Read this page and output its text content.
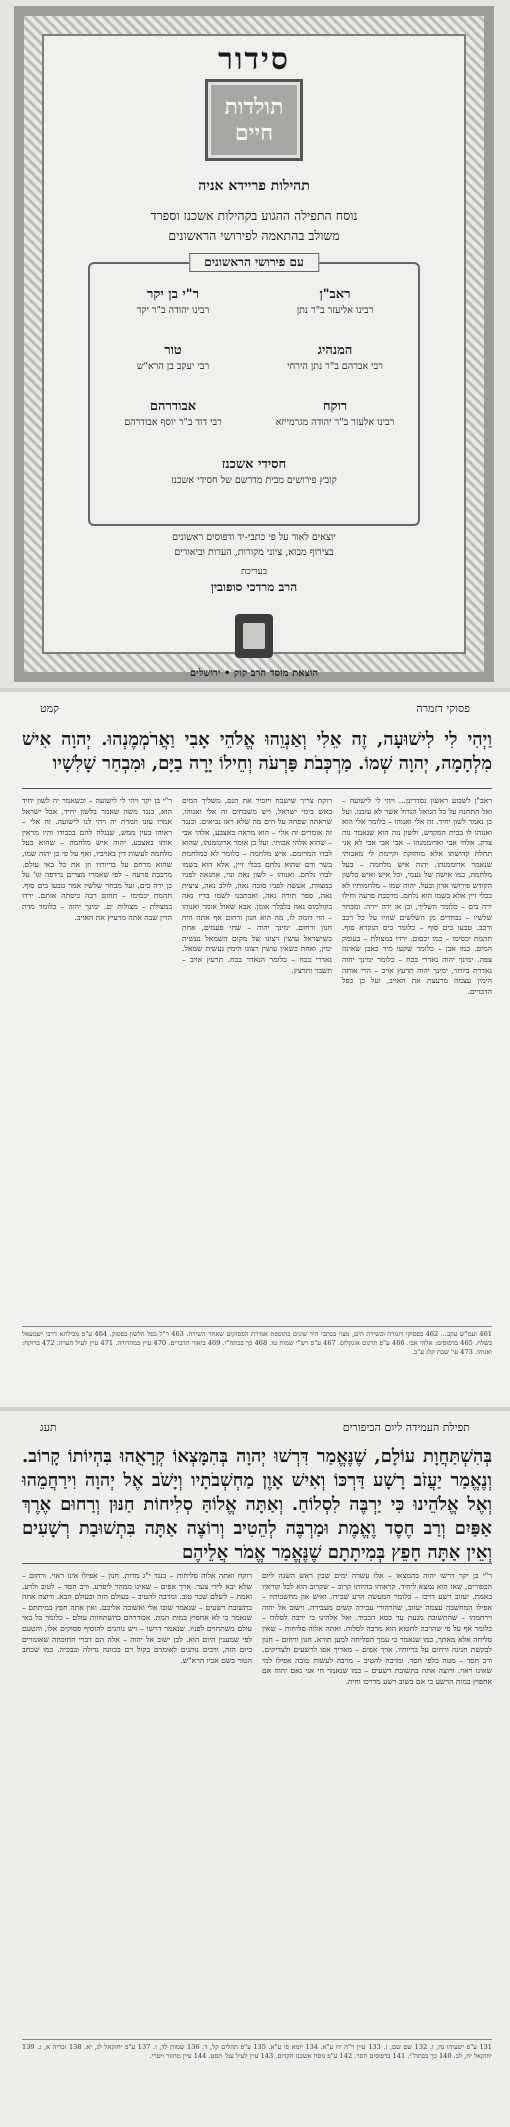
סידור
תולדות
חיים
תהילות פריידא אניה
נוסח התפילה ההגוע בקהילות אשכנז וספרד
משולב בהתאמה לפירושי הראשונים
עם פירושי הראשונים
ראב"ן
רבינו אליעזר ב"ר נתן
ר"י בן יקר
רבינו יהודה ב"ר יקר
המנהיג
רבי אברהם ב"ר נתן הירחי
טור
רבי יעקב בן הרא"ש
רוקח
רבינו אלעזר ב"ר יהודה מגרמייזא
אבודרהם
רבי דוד ב"ר יוסף אבודרהם
חסידי אשכנז
קובץ פירושים מבית מדרשם של חסידי אשכנז
יוצאים לאור על פי כתבי-יד ודפוסים ראשונים
בצירוף מבוא, ציוני מקורות, הערות וביאורים
בעריכת
הרב מרדכי סופובין
הוצאת מוסד הרב קוק • ירושלים
פסוקי דזמרה
קמט
וַיְהִי לִי לִישׁוּעָה, זֶה אֵלִי וְאַנְוֵהוּ אֱלֹהֵי אָבִי וַאֲרֹמְמֶנְהוּ. יְהוָה אִישׁ מִלְחָמָה, יְהוָה שְׁמוֹ. מַרְכְּבֹת פַּרְעֹה וְחֵילוֹ יָרָה בַיָּם, וּמִבְחַר שָׁלִשָׁיו
ראב"ן לשבוע ראשון נסדרינן... ויהי לי לישועה – ואל התחנה על כל הגואל הגדול אשר לא עזבנו, ועל כן נאמר לשון יחיד. זה אלי ואנוהו – כלומר אלי הוא ואנוהו לו בבית המקדש, ולשון נוה הוא שנאמר נוה צדק. אלהי אבי וארוממנהו – אבי אבי אבי לא אני תחלת קדושתו אלא מוחזקת וקיימת לי מאבותי שנאמר ארוממנהו. יהוה איש מלחמה – בעל מלחמה, כמו אישה של נעמי, וכל איש ואיש בלשון הקודש פירושו אדון ובעל. יהוה שמו – מלחמותיו לא בכלי זיין אלא בשמו הוא נלחם. מרכבת פרעה וחילו ירה בים – כלומר השליך, וכן או ירה יירה. ומבחר שלשיו – נבחרים מן השלשים שהיו על כל רכב ורכב. טבעו בים סוף – כלומר בים הנקרא סוף. תהמת יכסימו – כמו יכסום. ירדו במצולת – בעומק המים. כמו אבן – כלומר שקעו מיד כאבן שאינה צפה. ימינך יהוה נאדרי בכח – כלומר ימינך יהוה נאדרת ביותר, ימינך יהוה תרעץ אויב – הרי אותה הימין עצמה מרעצת את האויב, ועל כן כפל הדברים.
רוקח צריך שישבח ויזכיר את הנס, משליך המים באש בימי ישראל, ויש משבחים זה אלי ואנוהו, שראתה שפחה על הים מה שלא ראו נביאים. וכנגד זה אומרים זה אלי – הוא מראה באצבע, אלהי אבי – שהוא אלהי אבותי. ועל כן אומר ארוממנהו, שהוא לבדו המרומם. איש מלחמה – כלומר לא כמלחמת בשר ודם שהוא נלחם בכלי זיין, אלא הוא בשמו לבדו נלחם. ואנוהו – לשון נאה ונוי, אתנאה לפניו במצוות, אעשה לפניו סוכה נאה, לולב נאה, ציצית נאה, ספר תורה נאה, ואכתבנו לשמו בדיו נאה בקולמוס נאה בלבלר אומן. אבא שאול אומר ואנוהו – הוי דומה לו, מה הוא חנון ורחום אף אתה היה חנון ורחום. ימינך יהוה – שתי פעמים, אחת כשישראל עושין רצונו של מקום השמאל נעשית ימין, ואחת כשאין עושין רצונו הימין נעשית שמאל. נאדרי בכח – כלומר הנאדר בכח. תרעץ אויב – תשבר ותרצץ.
ר"י בן יקר ויהי לי לישועה – וכשאמר יה לשון יחיד הוא, כנגד משה שאמר בלשון יחיד, אבל ישראל אמרו עזנו וזמרת יה ויהי לנו לישועה. זה אלי – ראוהו בעין ממש, שנגלה להם בכבודו והיו מראין אותו באצבע. יהוה איש מלחמה – שהוא בעל מלחמה לעשות דין באויביו, ואף על פי כן יהוה שמו, שהוא מרחם על בריותיו וזן את כל באי עולם. מרכבת פרעה – לפי שאמרו מצרים נרדפה וגו' על כן ירה בים, ועל מבחר שלשיו אמר טבעו בים סוף. תהמת יכסימו – תהום רבה כיסתה אותם. ירדו במצולת – מצולות ים. ימינך יהוה – כלומר מדת הדין שבה אתה מרעיץ את האויב.
461 ועמ"ש עקב... 462 בפסוקי דזמרה ובשירת הים, מצוי בכתבי היד שונים בתוספת אמירת הפסוקים שאחר השירה. 463 ר"ל כפל הלשון בפסוק. 464 ע"פ מכילתא דרבי ישמעאל בשלח. 465 בדפוסים: אלהי אבי. 466 ע"פ תרגום אונקלוס. 467 ע"פ רש"י שמות טו. 468 כך בכתה"י. 469 ביאור הדברים. 470 עיין במהדורה. 471 עיין לעיל הערה. 472 ברוקח: ואנוהו. 473 עי' שבת קלג ע"ב.
תפילת העמידה ליום הכיפורים
תעג
בְּהִשְׁתַּחֲוָת עוֹלָם, שֶׁנֶּאֱמַר דִּרְשׁוּ יְהוָה בְּהִמָּצְאוֹ קְרָאֻהוּ בִּהְיוֹתוֹ קָרוֹב. וְנֶאֱמַר יַעֲזֹב רָשָׁע דַּרְכּוֹ וְאִישׁ אָוֶן מַחְשְׁבֹתָיו וְיָשֹׁב אֶל יְהוָה וִירַחֲמֵהוּ וְאֶל אֱלֹהֵינוּ כִּי יַרְבֶּה לִסְלוֹחַ. וְאַתָּה אֱלוֹהַּ סְלִיחוֹת חַנּוּן וְרַחוּם אֶרֶךְ אַפַּיִם וְרַב חֶסֶד וֶאֱמֶת וּמַרְבֶּה לְהֵטִיב וְרוֹצֶה אַתָּה בִּתְשׁוּבַת רְשָׁעִים וְאֵין אַתָּה חָפֵץ בְּמִיתָתָם שֶׁנֶּאֱמַר אֱמֹר אֲלֵיהֶם
ר"י בן יקר דרשו יהוה בהמצאו – אלו עשרה ימים שבין ראש השנה ליום הכפורים, שאז הוא נמצא ליחיד. קראוהו בהיותו קרוב – שקרוב הוא לכל קוראיו באמת. יעזוב רשע דרכו – כלומר המעשה הרע שבידו. ואיש און מחשבותיו – אפילו המחשבה עצמה יעזוב, שהרהורי עבירה קשים מעבירה. וישוב אל יהוה וירחמהו – שהתשובה מגעת עד כסא הכבוד. ואל אלהינו כי ירבה לסלוח – כלומר אף על פי שהרבה לחטוא הוא מרבה לסלוח. ואתה אלוה סליחות – שאין סליחה אלא מאתך, כמו שנאמר כי עמך הסליחה למען תורא. חנון ורחום – חנון לבקשת חנינה ורחום על בריותיו. ארך אפים – מאריך אפו לרשעים ולצדיקים. ורב חסד – מטה כלפי חסד. ומרבה להטיב – מרבה לעשות טובה אפילו למי שאינו ראוי. ורוצה אתה בתשובת רשעים – כמו שנאמר חי אני נאם יהוה אם אחפוץ במות הרשע כי אם בשוב רשע מדרכו וחיה.
רוקח ואתה אלוה סליחות – כנגד י"ג מדות. חנון – אפילו אינו ראוי. ורחום – שלא יבא לידי צער. ארך אפים – שאינו ממהר ליפרע. ורב חסד – לטוב ולרע. ואמת – לשלם שכר טוב. ומרבה להטיב – בעולם הזה ובעולם הבא. ורוצה אתה בתשובת רשעים – שנאמר שובו אלי ואשובה אליכם. ואין אתה חפץ במיתתם – שנאמר כי לא אחפוץ במות המת. אבודרהם בהשתחוות עולם – כלומר כל באי עולם משתחוים לפניו. שנאמר דרשו – ויש נוהגים להוסיף פסוקים אלו, והטעם לפי שמענין היום הוא. לכן ישוב אל יהוה – אלה הם דברי התוכחה שאומרים ביום הזה, ורבים נוהגים לאומרם בקול רם בכוונה גדולה ובבכיה. כמו שכתב הטור בשם אביו הרא"ש.
131 ע"פ ישעיהו נה, ו. 132 שם שם, ז. 133 עיין ר"ה יח ע"א. 134 יומא פו ע"א. 135 ע"פ תהלים קל, ד. 136 שמות לד, ו. 137 ע"פ יחזקאל לג, יא. 138 זכריה א, ג. 139 יחזקאל יח, לב. 140 כך בכתה"י. 141 בדפוסים חסר. 142 ע"פ נוסח אשכנז הקדום. 143 עיין לעיל עמ' תסט. 144 עיין מחזור ויטרי.
